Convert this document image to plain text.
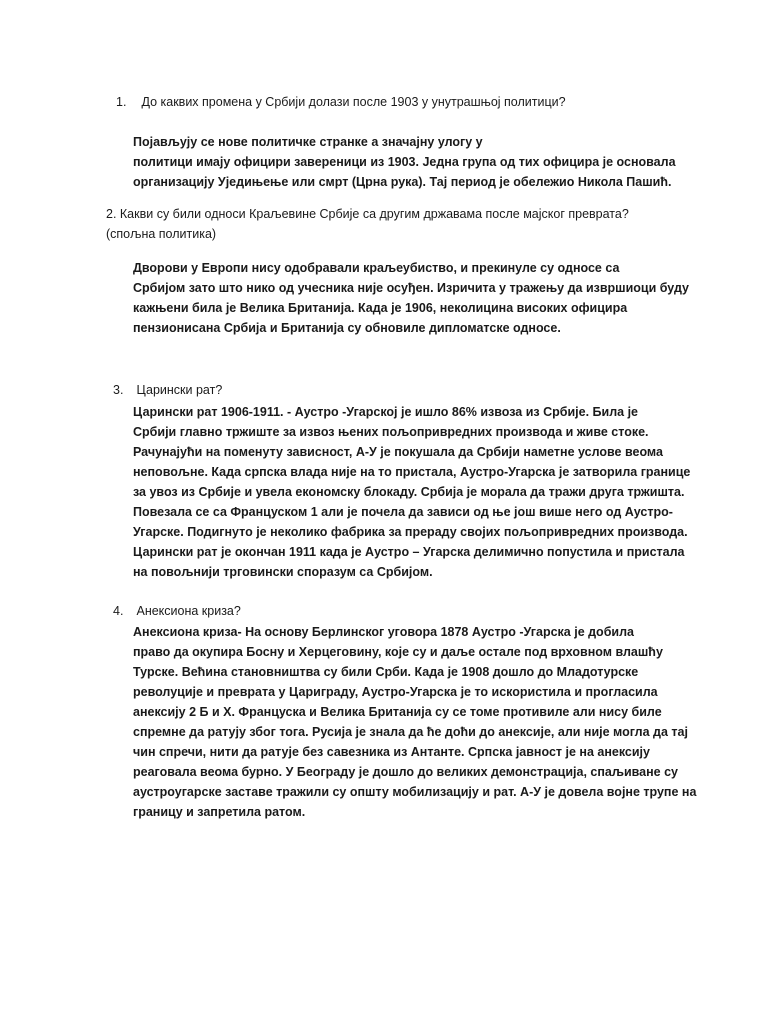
1. До каквих промена у Србији долази после 1903 у унутрашњој политици?
Појављују се нове политичке странке а значајну улогу у
политици имају официри завереници из 1903. Једна група од тих официра је основала
организацију Уједињење или смрт (Црна рука). Тај период је обележио Никола Пашић.
2. Какви су били односи Краљевине Србије са другим државама после мајског преврата?
(спољна политика)
Дворови у Европи нису одобравали краљеубиство, и прекинуле су односе са
Србијом зато што нико од учесника није осуђен. Изричита у тражењу да извршиоци буду
кажњени била је Велика Британија. Када је 1906, неколицина високих официра
пензионисана Србија и Британија су обновиле дипломатске односе.
3. Царински рат?
Царински рат 1906-1911. - Аустро -Угарској је ишло 86% извоза из Србије. Била је
Србији главно тржиште за извоз њених пољопривредних производа и живе стоке.
Рачунајући на поменуту зависност, А-У је покушала да Србији наметне услове веома
неповољне. Када српска влада није на то пристала, Аустро-Угарска је затворила границе
за увоз из Србије и увела економску блокаду. Србија је морала да тражи друга тржишта.
Повезала се са Француском 1 али је почела да зависи од ње још више него од Аустро-
Угарске. Подигнуто је неколико фабрика за прераду својих пољопривредних производа.
Царински рат је окончан 1911 када је Аустро – Угарска делимично попустила и пристала
на повољнији трговински споразум са Србијом.
4. Анексиона криза?
Анексиона криза- На основу Берлинског уговора 1878 Аустро -Угарска је добила
право да окупира Босну и Херцеговину, које су и даље остале под врховном влашћу
Турске. Већина становништва су били Срби. Када је 1908 дошло до Младотурске
револуције и преврата у Цариграду, Аустро-Угарска је то искористила и прогласила
анексију 2 Б и Х. Француска и Велика Британија су се томе противиле али нису биле
спремне да ратују због тога. Русија је знала да ће доћи до анексије, али није могла да тај
чин спречи, нити да ратује без савезника из Антанте. Српска јавност је на анексију
реаговала веома бурно. У Београду је дошло до великих демонстрација, спаљиване су
аустроугарске заставе тражили су општу мобилизацију и рат. А-У је довела војне трупе на
границу и запретила ратом.
